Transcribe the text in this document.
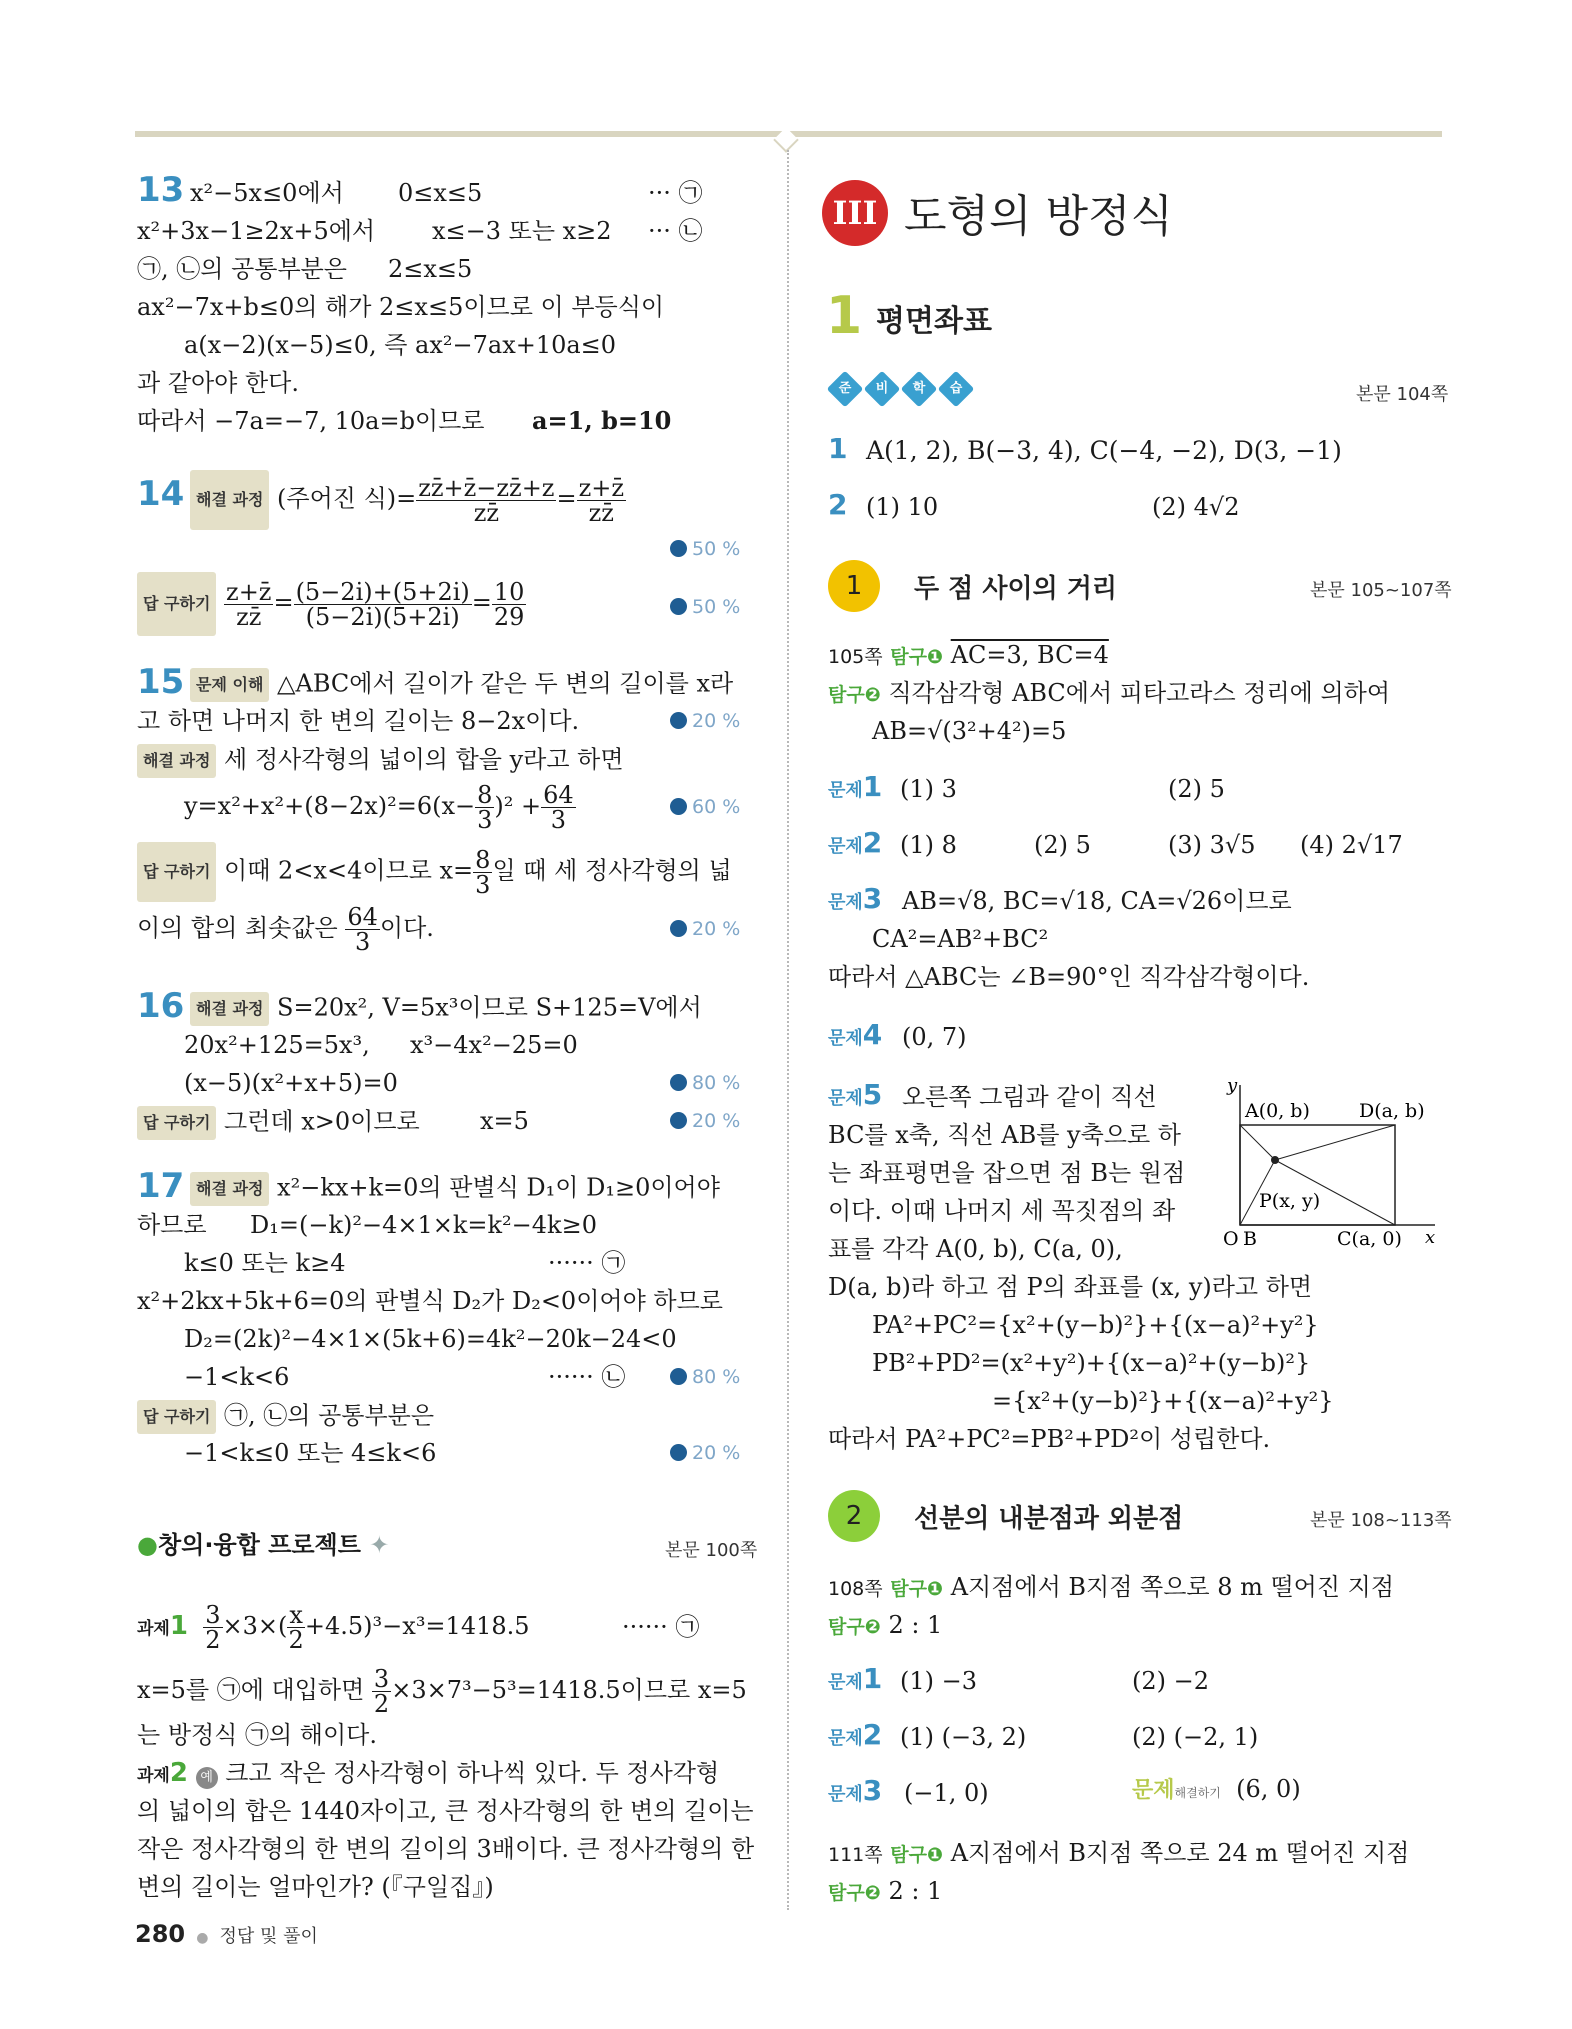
13 x²−5x≤0에서 0≤x≤5	··· ㉠
x²+3x−1≥2x+5에서 x≤−3 또는 x≥2 ··· ㉡
㉠, ㉡의 공통부분은 2≤x≤5
ax²−7x+b≤0의 해가 2≤x≤5이므로 이 부등식이
a(x−2)(x−5)≤0, 즉 ax²−7ax+10a≤0
과 같아야 한다.
따라서 −7a=−7, 10a=b이므로 a=1, b=10
14 해결 과정 (주어진 식)= $\frac{zz̄+z̄-zz̄+z}{zz̄} = \frac{z+z̄}{zz̄}$
50 %
답 구하기 $\frac{z+z̄}{zz̄} = \frac{(5-2i)+(5+2i)}{(5-2i)(5+2i)} = \frac{10}{29}$	50 %
15 문제 이해 △ABC에서 길이가 같은 두 변의 길이를 x라
고 하면 나머지 한 변의 길이는 8−2x이다.	20 %
해결 과정 세 정사각형의 넓이의 합을 y라고 하면
$y=x^2+x^2+(8-2x)^2=6(x- \frac{8}{3} )^2 + \frac{64}{3}$	60 %
답 구하기 이때 2<x<4이므로 $x= \frac{8}{3}$ 일 때 세 정사각형의 넓
이의 합의 최솟값은 $\frac{64}{3}$ 이다.	20 %
16 해결 과정 S=20x², V=5x³이므로 S+125=V에서
20x²+125=5x³, x³−4x²−25=0
(x−5)(x²+x+5)=0	80 %
답 구하기 그런데 x>0이므로	x=5	20 %
17 해결 과정 x²−kx+k=0의 판별식 D₁이 D₁≥0이어야
하므로 D₁=(−k)²−4×1×k=k²−4k≥0
k≤0 또는 k≥4	······ ㉠
x²+2kx+5k+6=0의 판별식 D₂가 D₂<0이어야 하므로
D₂=(2k)²−4×1×(5k+6)=4k²−20k−24<0
−1<k<6	······ ㉡	80 %
답 구하기 ㉠, ㉡의 공통부분은
−1<k≤0 또는 4≤k<6	20 %
●창의·융합 프로젝트 ✦	본문 100쪽
과제$1 \frac{3}{2} \times 3\times( \frac{x}{2} +4.5)^3-x^3=1418.5$	······ ㉠
x=5를 ㉠에 대입하면 $\frac{3}{2} \times 3\times 7^3-5^3=1418.5$이므로 x=5
는 방정식 ㉠의 해이다.
과제2 예 크고 작은 정사각형이 하나씩 있다. 두 정사각형
의 넓이의 합은 1440자이고, 큰 정사각형의 한 변의 길이는
작은 정사각형의 한 변의 길이의 3배이다. 큰 정사각형의 한
변의 길이는 얼마인가? (『구일집』)
III 도형의 방정식
1 평면좌표
준 비 학 습	본문 104쪽
1 A(1, 2), B(−3, 4), C(−4, −2), D(3, −1)
2 (1) 10	(2) 4√2
1	두 점 사이의 거리	본문 105~107쪽
105쪽 탐구❶ AC=3, BC=4
탐구❷ 직각삼각형 ABC에서 피타고라스 정리에 의하여
AB=√(3²+4²)=5
문제1 (1) 3	(2) 5
문제2 (1) 8	(2) 5	(3) 3√5 (4) 2√17
문제3 AB=√8, BC=√18, CA=√26이므로
CA²=AB²+BC²
따라서 △ABC는 ∠B=90°인 직각삼각형이다.
문제4 (0, 7)
문제5 오른쪽 그림과 같이 직선
BC를 x축, 직선 AB를 y축으로 하
는 좌표평면을 잡으면 점 B는 원점
이다. 이때 나머지 세 꼭짓점의 좌
표를 각각 A(0, b), C(a, 0),
D(a, b)라 하고 점 P의 좌표를 (x, y)라고 하면
PA²+PC²={x²+(y−b)²}+{(x−a)²+y²}
PB²+PD²=(x²+y²)+{(x−a)²+(y−b)²}
={x²+(y−b)²}+{(x−a)²+y²}
따라서 PA²+PC²=PB²+PD²이 성립한다.
y
x
A(0, b)	D(a, b)
P(x, y)
O B	C(a, 0)
2	선분의 내분점과 외분점	본문 108~113쪽
108쪽 탐구❶ A지점에서 B지점 쪽으로 8 m 떨어진 지점
탐구❷ 2 : 1
문제1 (1) −3	(2) −2
문제2 (1) (−3, 2)	(2) (−2, 1)
문제3 (−1, 0)	문제해결하기 (6, 0)
111쪽 탐구❶ A지점에서 B지점 쪽으로 24 m 떨어진 지점
탐구❷ 2 : 1
280 ● 정답 및 풀이
